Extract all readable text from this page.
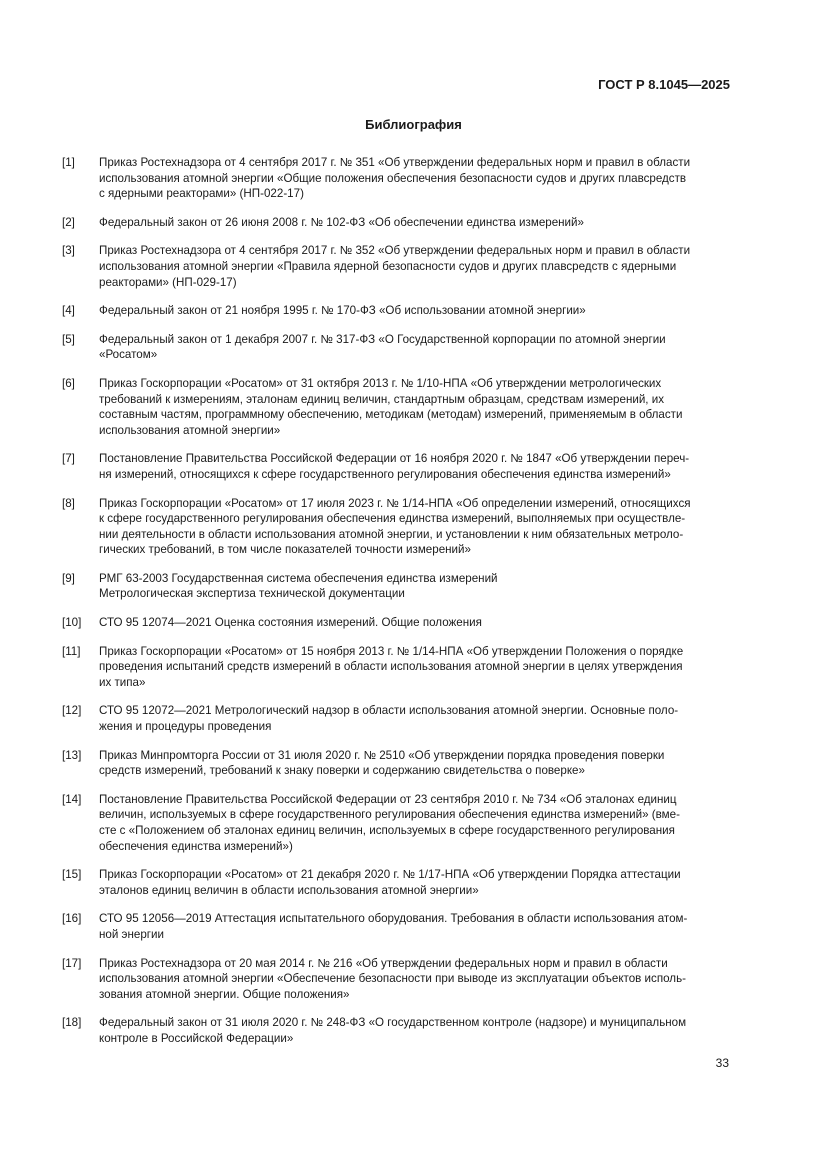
ГОСТ Р 8.1045—2025
Библиография
[1]	Приказ Ростехнадзора от 4 сентября 2017 г. № 351 «Об утверждении федеральных норм и правил в области
использования атомной энергии «Общие положения обеспечения безопасности судов и других плавсредств
с ядерными реакторами» (НП-022-17)
[2]	Федеральный закон от 26 июня 2008 г. № 102-ФЗ «Об обеспечении единства измерений»
[3]	Приказ Ростехнадзора от 4 сентября 2017 г. № 352 «Об утверждении федеральных норм и правил в области
использования атомной энергии «Правила ядерной безопасности судов и других плавсредств с ядерными
реакторами» (НП-029-17)
[4]	Федеральный закон от 21 ноября 1995 г. № 170-ФЗ «Об использовании атомной энергии»
[5]	Федеральный закон от 1 декабря 2007 г. № 317-ФЗ «О Государственной корпорации по атомной энергии
«Росатом»
[6]	Приказ Госкорпорации «Росатом» от 31 октября 2013 г. № 1/10-НПА «Об утверждении метрологических
требований к измерениям, эталонам единиц величин, стандартным образцам, средствам измерений, их
составным частям, программному обеспечению, методикам (методам) измерений, применяемым в области
использования атомной энергии»
[7]	Постановление Правительства Российской Федерации от 16 ноября 2020 г. № 1847 «Об утверждении переч-
ня измерений, относящихся к сфере государственного регулирования обеспечения единства измерений»
[8]	Приказ Госкорпорации «Росатом» от 17 июля 2023 г. № 1/14-НПА «Об определении измерений, относящихся
к сфере государственного регулирования обеспечения единства измерений, выполняемых при осуществле-
нии деятельности в области использования атомной энергии, и установлении к ним обязательных метроло-
гических требований, в том числе показателей точности измерений»
[9]	РМГ 63-2003 Государственная система обеспечения единства измерений
Метрологическая экспертиза технической документации
[10]	СТО 95 12074—2021 Оценка состояния измерений. Общие положения
[11]	Приказ Госкорпорации «Росатом» от 15 ноября 2013 г. № 1/14-НПА «Об утверждении Положения о порядке
проведения испытаний средств измерений в области использования атомной энергии в целях утверждения
их типа»
[12]	СТО 95 12072—2021 Метрологический надзор в области использования атомной энергии. Основные поло-
жения и процедуры проведения
[13]	Приказ Минпромторга России от 31 июля 2020 г. № 2510 «Об утверждении порядка проведения поверки
средств измерений, требований к знаку поверки и содержанию свидетельства о поверке»
[14]	Постановление Правительства Российской Федерации от 23 сентября 2010 г. № 734 «Об эталонах единиц
величин, используемых в сфере государственного регулирования обеспечения единства измерений» (вме-
сте с «Положением об эталонах единиц величин, используемых в сфере государственного регулирования
обеспечения единства измерений»)
[15]	Приказ Госкорпорации «Росатом» от 21 декабря 2020 г. № 1/17-НПА «Об утверждении Порядка аттестации
эталонов единиц величин в области использования атомной энергии»
[16]	СТО 95 12056—2019 Аттестация испытательного оборудования. Требования в области использования атом-
ной энергии
[17]	Приказ Ростехнадзора от 20 мая 2014 г. № 216 «Об утверждении федеральных норм и правил в области
использования атомной энергии «Обеспечение безопасности при выводе из эксплуатации объектов исполь-
зования атомной энергии. Общие положения»
[18]	Федеральный закон от 31 июля 2020 г. № 248-ФЗ «О государственном контроле (надзоре) и муниципальном
контроле в Российской Федерации»
33
